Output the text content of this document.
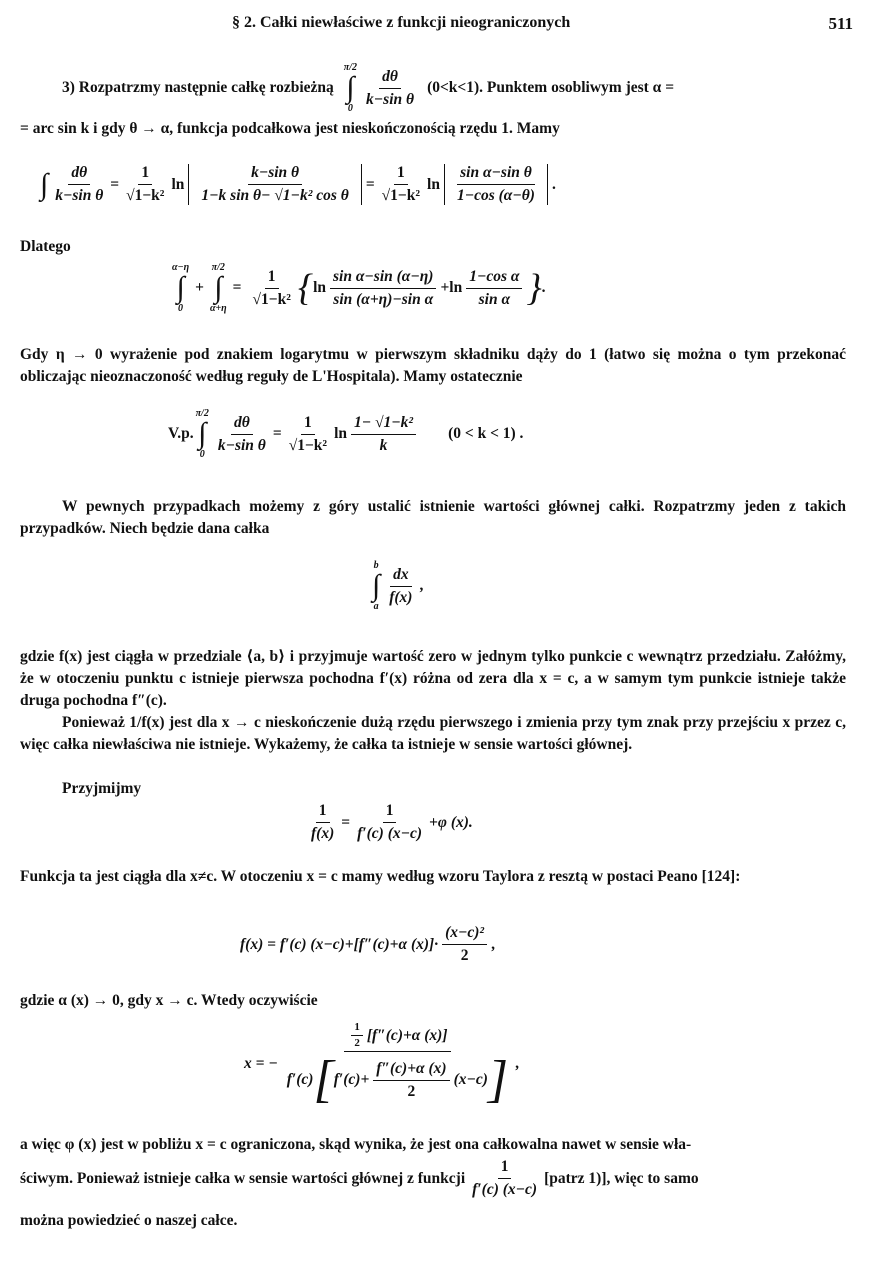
§ 2. Całki niewłaściwe z funkcji nieograniczonych	511
3) Rozpatrzmy następnie całkę rozbieżną
π/2
∫
$0 \frac{d\theta}{\text{k−sin θ}} (0<k<1)$. Punktem osobliwym jest α =
= arc sin k i gdy θ → α, funkcja podcałkowa jest nieskończonością rzędu 1. Mamy
∫ $\frac{d\theta}{\text{k−sin θ}} = \frac{1}{\text{√1−k²}}$ $\ln \frac{\text{k−sin θ}}{\text{1−k sin θ− √1−k² cos θ}} = \frac{1}{\text{√1−k²}}$ $\ln \frac{\text{sin α−sin θ}}{1-\cos (\alpha-\theta)}$ .
Dlatego
α−η
∫
0
+
π/2
∫
α+η
= $\frac{1}{\text{√1−k²}}$ { $\ln \frac{\text{sin α−sin (α−η)}}{\text{sin (α+η)−sin α}} +\ln \frac{\text{1−cos α}}{\text{sin α}}$ } .
Gdy η → 0 wyrażenie pod znakiem logarytmu w pierwszym składniku dąży do 1 (łatwo się można o tym przekonać obliczając nieoznaczoność według reguły de L'Hospitala). Mamy ostatecznie
V.p.
π/2
∫
$0 \frac{d\theta}{\text{k−sin θ}} = \frac{1}{\text{√1−k²}}$ $\ln \frac{\text{1− √1−k²}}{k} (0 < k < 1)$ .
W pewnych przypadkach możemy z góry ustalić istnienie wartości głównej całki. Rozpatrzmy jeden z takich przypadków. Niech będzie dana całka
b
∫
a $\frac{dx}{f(x)}$ ,
gdzie f(x) jest ciągła w przedziale ⟨a, b⟩ i przyjmuje wartość zero w jednym tylko punkcie c wewnątrz przedziału. Załóżmy, że w otoczeniu punktu c istnieje pierwsza pochodna f′(x) różna od zera dla x = c, a w samym tym punkcie istnieje także druga pochodna f″(c).
Ponieważ 1/f(x) jest dla x → c nieskończenie dużą rzędu pierwszego i zmienia przy tym znak przy przejściu x przez c, więc całka niewłaściwa nie istnieje. Wykażemy, że całka ta istnieje w sensie wartości głównej.
Przyjmijmy
$\frac{1}{f(x)} = \frac{1}{f'(c) (x-c)} +\varphi$ (x).
Funkcja ta jest ciągła dla x≠c. W otoczeniu x = c mamy według wzoru Taylora z resztą w postaci Peano [124]:
f(x) = f′(c) (x−c)+[f″(c)+α $(x)]\cdot \frac{\text{(x−c)²}}{2}$ ,
gdzie α (x) → 0, gdy x → c. Wtedy oczywiście
x = −
$\frac{1}{2} [f''(c)+\alpha$ (x)]
f′(c) [ $f'(c)+ \frac{f''(c)+\alpha (x)}{2} (x-c)$ ] ,
a więc φ (x) jest w pobliżu x = c ograniczona, skąd wynika, że jest ona całkowalna nawet w sensie wła-
ściwym. Ponieważ istnieje całka w sensie wartości głównej z funkcji $\frac{1}{f'(c) (x-c)}$ [patrz 1)], więc to samo
można powiedzieć o naszej całce.
